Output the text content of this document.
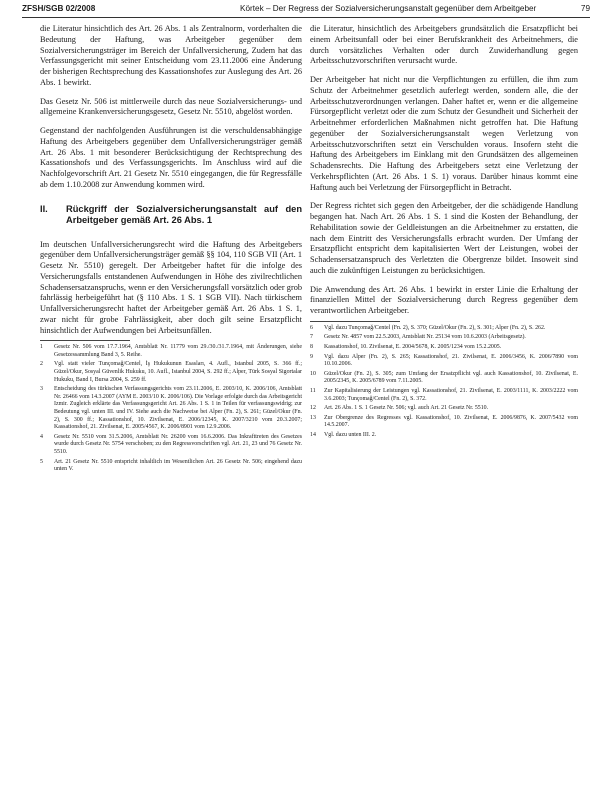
ZFSH/SGB 02/2008	Körtek – Der Regress der Sozialversicherungsanstalt gegenüber dem Arbeitgeber	79

die Literatur hinsichtlich des Art. 26 Abs. 1 als Zentralnorm, vorderhalten die Bedeutung der Haftung, was Arbeitgeber gegenüber dem Sozialversicherungsträger im Bereich der Unfallversicherung, Zudem hat das Verfassungsgericht mit seiner Entscheidung vom 23.11.2006 eine Änderung der bisherigen Rechtsprechung des Kassationshofes zur Auslegung des Art. 26 Abs. 1 bewirkt.

Das Gesetz Nr. 506 ist mittlerweile durch das neue Sozialversicherungs- und allgemeine Krankenversicherungsgesetz, Gesetz Nr. 5510, abgelöst worden.

Gegenstand der nachfolgenden Ausführungen ist die verschuldensabhängige Haftung des Arbeitgebers gegenüber dem Unfallversicherungsträger gemäß Art. 26 Abs. 1 mit besonderer Berücksichtigung der Rechtsprechung des Kassationshofs und des Verfassungsgerichts. Im Anschluss wird auf die Nachfolgevorschrift Art. 21 Gesetz Nr. 5510 eingegangen, die für Regressfälle ab dem 1.10.2008 zur Anwendung kommen wird.

II.	Rückgriff der Sozialversicherungsanstalt auf den Arbeitgeber gemäß Art. 26 Abs. 1

Im deutschen Unfallversicherungsrecht wird die Haftung des Arbeitgebers gegenüber dem Unfallversicherungsträger gemäß §§ 104, 110 SGB VII (Art. 1 Gesetz Nr. 5510) geregelt. Der Arbeitgeber haftet für die infolge des Versicherungsfalls entstandenen Aufwendungen in Höhe des zivilrechtlichen Schadensersatzanspruchs, wenn er den Versicherungsfall vorsätzlich oder grob fahrlässig herbeigeführt hat (§ 110 Abs. 1 S. 1 SGB VII). Nach türkischem Unfallversicherungsrecht haftet der Arbeitgeber gemäß Art. 26 Abs. 1 S. 1, zwar nicht für grobe Fahrlässigkeit, aber doch gilt seine Ersatzpflicht hinsichtlich der Aufwendungen bei Arbeitsunfällen.

1 Gesetz Nr. 506 vom 17.7.1964, Amtsblatt Nr. 11779 vom 29./30./31.7.1964, mit Änderungen, siehe Gesetzessammlung Band 3, 5. Reihe.
2 Vgl. statt vieler Tunçomağ/Centel, İş Hukukunun Esasları, 4. Aufl., Istanbul 2005, S. 366 ff.; Güzel/Okur, Sosyal Güvenlik Hukuku, 10. Aufl., Istanbul 2004, S. 292 ff.; Alper, Türk Sosyal Sigortalar Hukuku, Band I, Bursa 2004, S. 259 ff.
3 Entscheidung des türkischen Verfassungsgerichts vom 23.11.2006, E. 2003/10, K. 2006/106, Amtsblatt Nr. 26466 vom 14.3.2007 (AYM E. 2003/10 K. 2006/106). Die Vorlage erfolgte durch das Arbeitsgericht Izmir. Zugleich erklärte das Verfassungsgericht Art. 26 Abs. 1 S. 1 in Teilen für verfassungswidrig; zur Bedeutung vgl. unten III. und IV. Siehe auch die Nachweise bei Alper (Fn. 2), S. 261; Güzel/Okur (Fn. 2), S. 300 ff.; Kassationshof, 10. Zivilsenat, E. 2006/12345, K. 2007/3210 vom 20.3.2007; Kassationshof, 21. Zivilsenat, E. 2005/4567, K. 2006/8901 vom 12.9.2006.
4 Gesetz Nr. 5510 vom 31.5.2006, Amtsblatt Nr. 26200 vom 16.6.2006. Das Inkrafttreten des Gesetzes wurde durch Gesetz Nr. 5754 verschoben; zu den Regressvorschriften vgl. Art. 21, 23 und 76 Gesetz Nr. 5510.
5 Art. 21 Gesetz Nr. 5510 entspricht inhaltlich im Wesentlichen Art. 26 Gesetz Nr. 506; eingehend dazu unten V.

die Literatur, hinsichtlich des Arbeitgebers grundsätzlich die Ersatzpflicht bei einem Arbeitsunfall oder bei einer Berufskrankheit des Arbeitnehmers, die durch vorsätzliches Verhalten oder durch Zuwiderhandlung gegen Arbeitsschutzvorschriften verursacht wurde.

Der Arbeitgeber hat nicht nur die Verpflichtungen zu erfüllen, die ihm zum Schutz der Arbeitnehmer gesetzlich auferlegt werden, sondern alle, die der Arbeitsschutzverordnungen verlangen. Daher haftet er, wenn er die allgemeine Fürsorgepflicht verletzt oder die zum Schutz der Gesundheit und Sicherheit der Arbeitnehmer erforderlichen Maßnahmen nicht getroffen hat. Die Haftung gegenüber der Sozialversicherungsanstalt wegen Verletzung von Arbeitsschutzvorschriften setzt ein Verschulden voraus. Insofern steht die Haftung des Arbeitgebers im Einklang mit den Grundsätzen des allgemeinen Schadensrechts. Die Haftung des Arbeitgebers setzt eine Verletzung der Verkehrspflichten (Art. 26 Abs. 1 S. 1) voraus. Darüber hinaus kommt eine Haftung auch bei Verletzung der Fürsorgepflicht in Betracht.

Der Regress richtet sich gegen den Arbeitgeber, der die schädigende Handlung begangen hat. Nach Art. 26 Abs. 1 S. 1 sind die Kosten der Behandlung, der Rehabilitation sowie der Geldleistungen an die Arbeitnehmer zu erstatten, die nach dem Eintritt des Versicherungsfalls erbracht wurden. Der Umfang der Ersatzpflicht entspricht dem kapitalisierten Wert der Leistungen, wobei der Schadensersatzanspruch des Verletzten die Obergrenze bildet. Insoweit sind auch die zukünftigen Leistungen zu berücksichtigen.

Die Anwendung des Art. 26 Abs. 1 bewirkt in erster Linie die Erhaltung der finanziellen Mittel der Sozialversicherung durch Regress gegenüber dem verantwortlichen Arbeitgeber.

6 Vgl. dazu Tunçomağ/Centel (Fn. 2), S. 370; Güzel/Okur (Fn. 2), S. 301; Alper (Fn. 2), S. 262.
7 Gesetz Nr. 4857 vom 22.5.2003, Amtsblatt Nr. 25134 vom 10.6.2003 (Arbeitsgesetz).
8 Kassationshof, 10. Zivilsenat, E. 2004/5678, K. 2005/1234 vom 15.2.2005.
9 Vgl. dazu Alper (Fn. 2), S. 265; Kassationshof, 21. Zivilsenat, E. 2006/3456, K. 2006/7890 vom 10.10.2006.
10 Güzel/Okur (Fn. 2), S. 305; zum Umfang der Ersatzpflicht vgl. auch Kassationshof, 10. Zivilsenat, E. 2005/2345, K. 2005/6789 vom 7.11.2005.
11 Zur Kapitalisierung der Leistungen vgl. Kassationshof, 21. Zivilsenat, E. 2003/1111, K. 2003/2222 vom 3.6.2003; Tunçomağ/Centel (Fn. 2), S. 372.
12 Art. 26 Abs. 1 S. 1 Gesetz Nr. 506; vgl. auch Art. 21 Gesetz Nr. 5510.
13 Zur Obergrenze des Regresses vgl. Kassationshof, 10. Zivilsenat, E. 2006/9876, K. 2007/5432 vom 14.5.2007.
14 Vgl. dazu unten III. 2.
